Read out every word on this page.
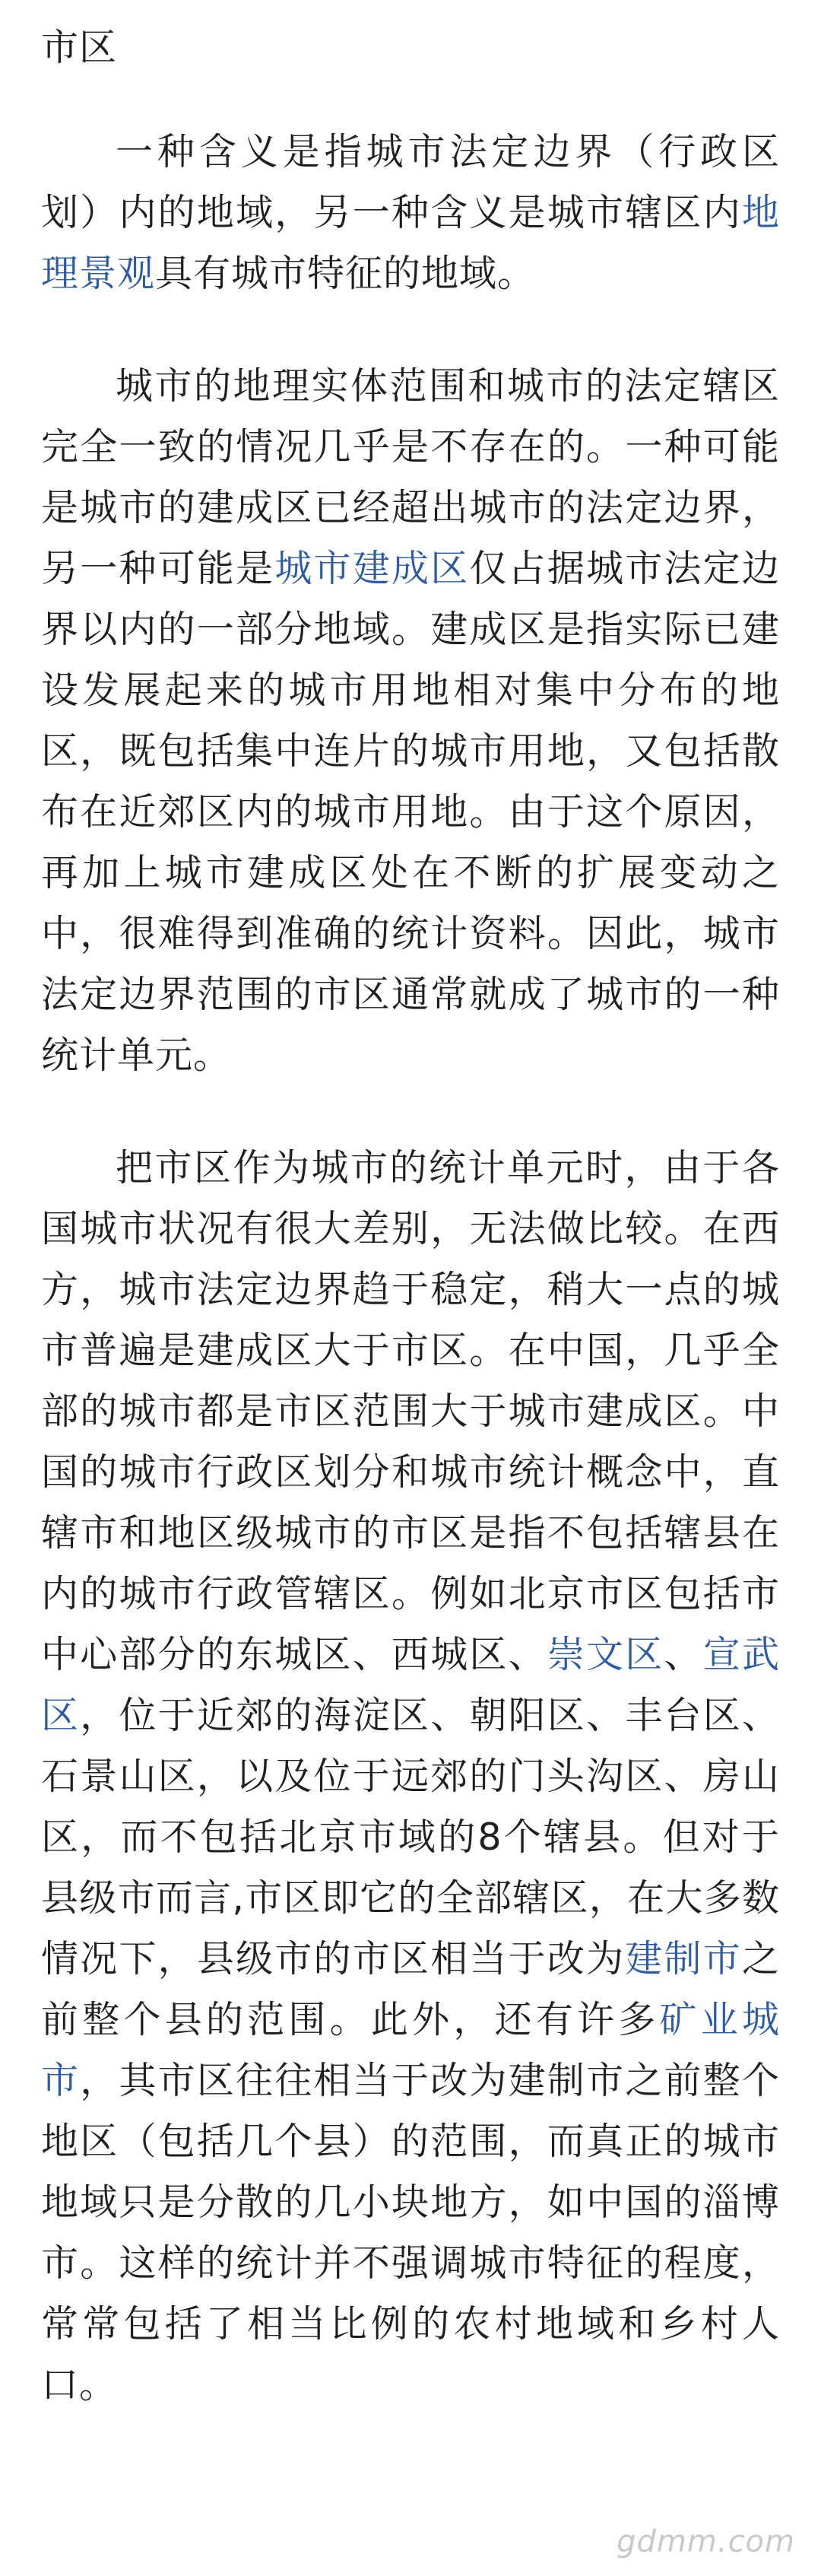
市区

一种含义是指城市法定边界（行政区划）内的地域，另一种含义是城市辖区内地理景观具有城市特征的地域。

城市的地理实体范围和城市的法定辖区完全一致的情况几乎是不存在的。一种可能是城市的建成区已经超出城市的法定边界，另一种可能是城市建成区仅占据城市法定边界以内的一部分地域。建成区是指实际已建设发展起来的城市用地相对集中分布的地区，既包括集中连片的城市用地，又包括散布在近郊区内的城市用地。由于这个原因，再加上城市建成区处在不断的扩展变动之中，很难得到准确的统计资料。因此，城市法定边界范围的市区通常就成了城市的一种统计单元。

把市区作为城市的统计单元时，由于各国城市状况有很大差别，无法做比较。在西方，城市法定边界趋于稳定，稍大一点的城市普遍是建成区大于市区。在中国，几乎全部的城市都是市区范围大于城市建成区。中国的城市行政区划分和城市统计概念中，直辖市和地区级城市的市区是指不包括辖县在内的城市行政管辖区。例如北京市区包括市中心部分的东城区、西城区、崇文区、宣武区，位于近郊的海淀区、朝阳区、丰台区、石景山区，以及位于远郊的门头沟区、房山区，而不包括北京市域的8个辖县。但对于县级市而言,市区即它的全部辖区，在大多数情况下，县级市的市区相当于改为建制市之前整个县的范围。此外，还有许多矿业城市，其市区往往相当于改为建制市之前整个地区（包括几个县）的范围，而真正的城市地域只是分散的几小块地方，如中国的淄博市。这样的统计并不强调城市特征的程度，常常包括了相当比例的农村地域和乡村人口。

gdmm.com
